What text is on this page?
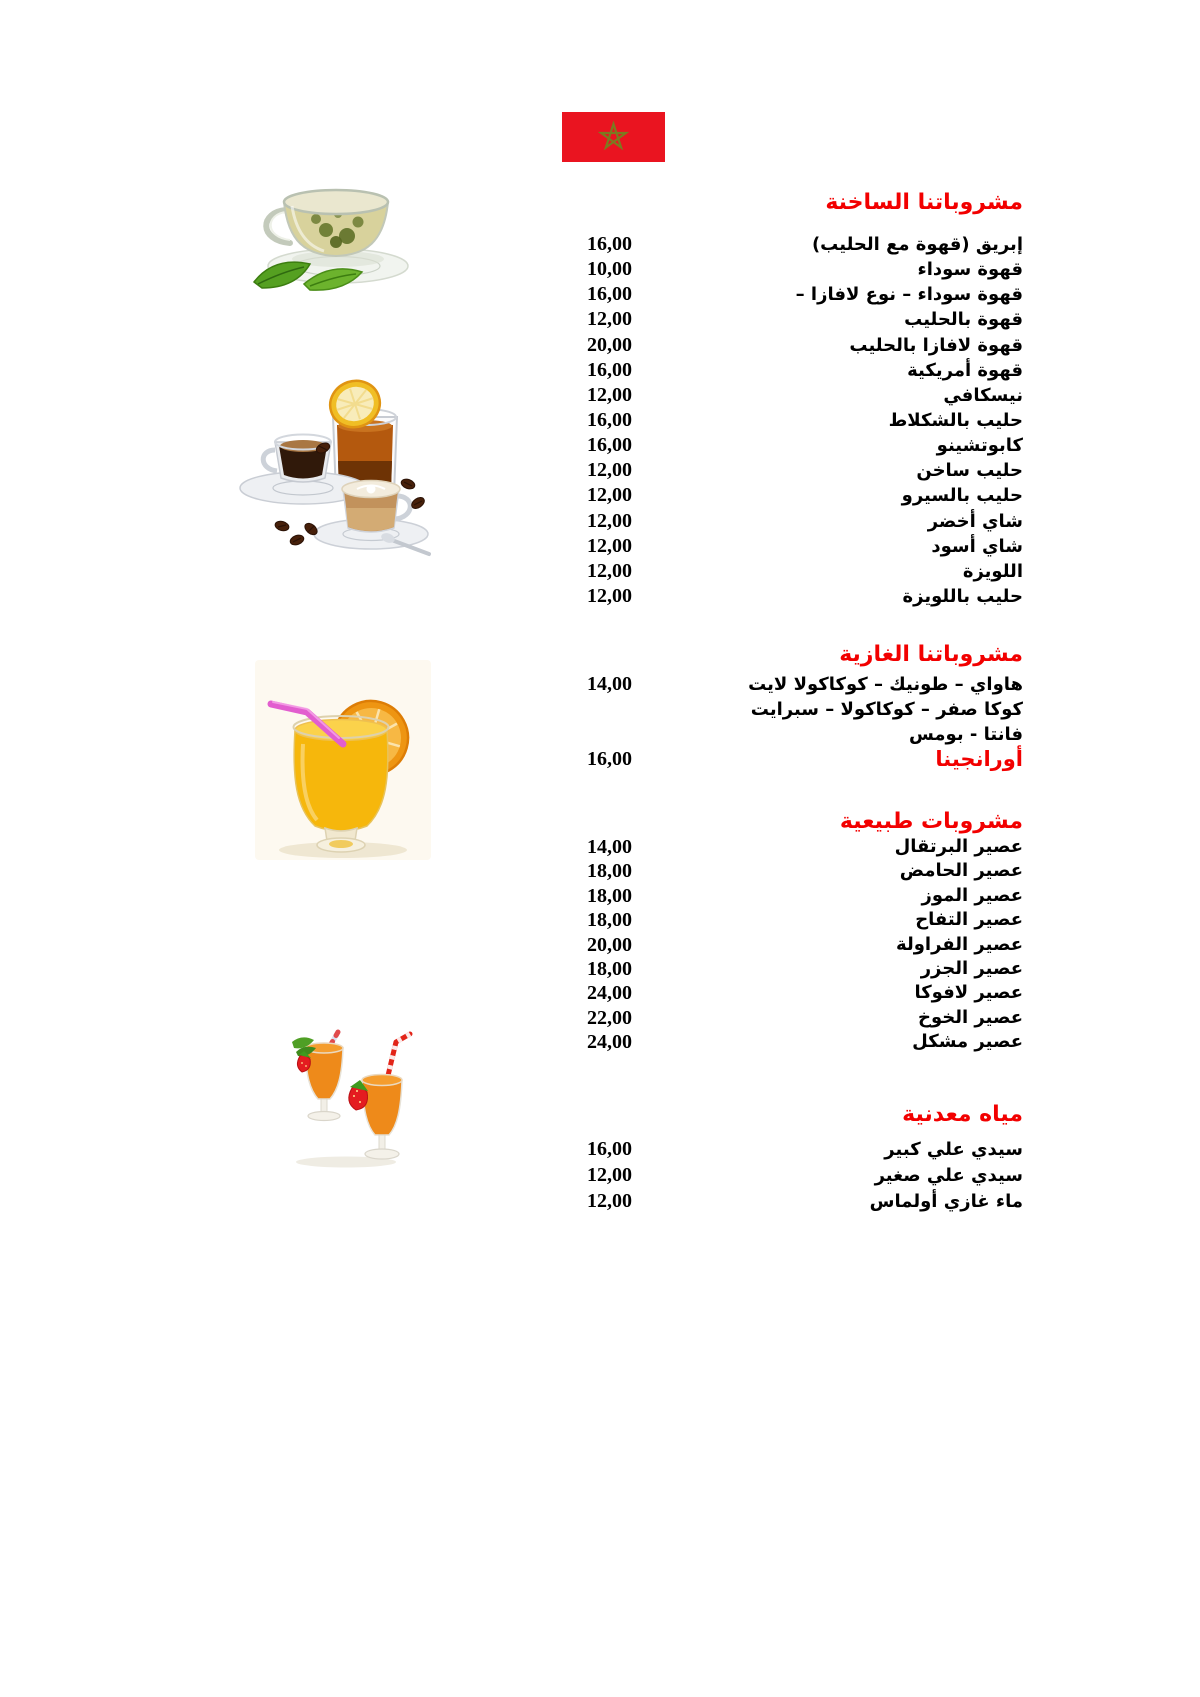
مشروباتنا الساخنة
16,00	إبريق (قهوة مع الحليب)
10,00	قهوة سوداء
16,00	قهوة سوداء – نوع لافازا –
12,00	قهوة بالحليب
20,00	قهوة لافازا بالحليب
16,00	قهوة أمريكية
12,00	نيسكافي
16,00	حليب بالشكلاط
16,00	كابوتشينو
12,00	حليب ساخن
12,00	حليب بالسيرو
12,00	شاي أخضر
12,00	شاي أسود
12,00	اللويزة
12,00	حليب باللويزة
مشروباتنا الغازية
14,00	هاواي – طونيك – كوكاكولا لايت
كوكا صفر – كوكاكولا – سبرايت
فانتا - بومس
16,00	أورانجينا
مشروبات طبيعية
14,00	عصير البرتقال
18,00	عصير الحامض
18,00	عصير الموز
18,00	عصير التفاح
20,00	عصير الفراولة
18,00	عصير الجزر
24,00	عصير لافوكا
22,00	عصير الخوخ
24,00	عصير مشكل
مياه معدنية
16,00	سيدي علي كبير
12,00	سيدي علي صغير
12,00	ماء غازي أولماس
